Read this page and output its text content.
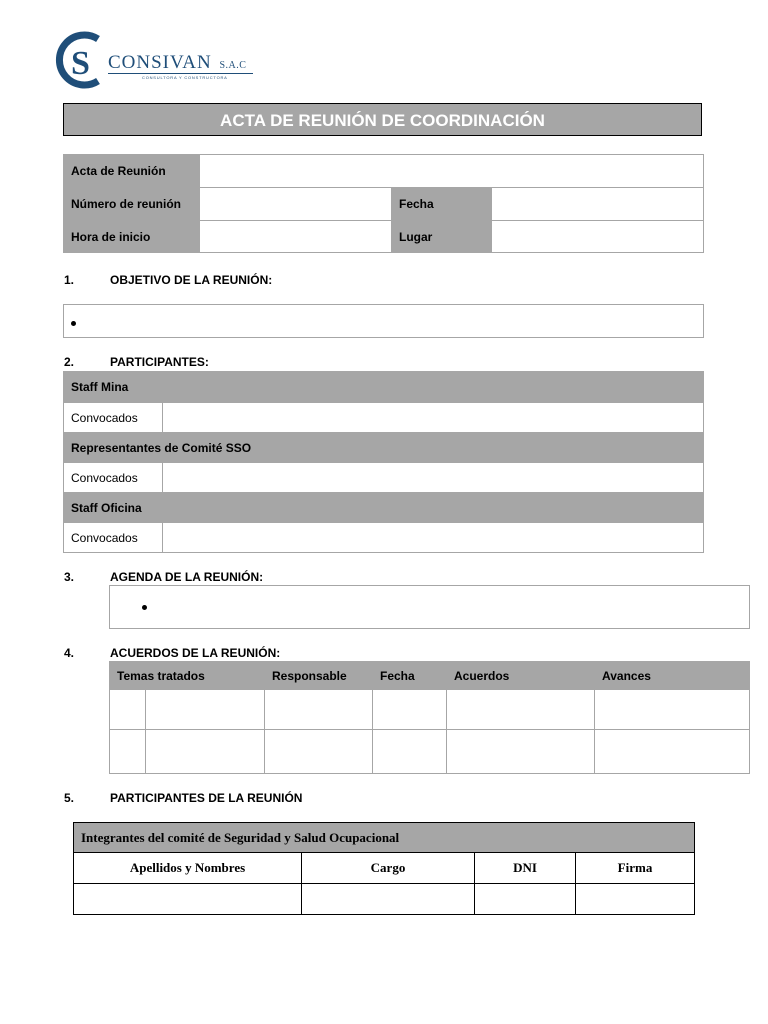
S CONSIVAN S.A.C
CONSULTORA Y CONSTRUCTORA
ACTA DE REUNIÓN DE COORDINACIÓN
Acta de Reunión			
Número de reunión		Fecha	
Hora de inicio		Lugar	
1.	OBJETIVO DE LA REUNIÓN:
2.	PARTICIPANTES:
Staff Mina	
Convocados	
Representantes de Comité SSO	
Convocados	
Staff Oficina	
Convocados	
3.	AGENDA DE LA REUNIÓN:
4.	ACUERDOS DE LA REUNIÓN:
Temas tratados		Responsable	Fecha	Acuerdos	Avances

5.	PARTICIPANTES DE LA REUNIÓN
Integrantes del comité de Seguridad y Salud Ocupacional			
Apellidos y Nombres	Cargo	DNI	Firma
